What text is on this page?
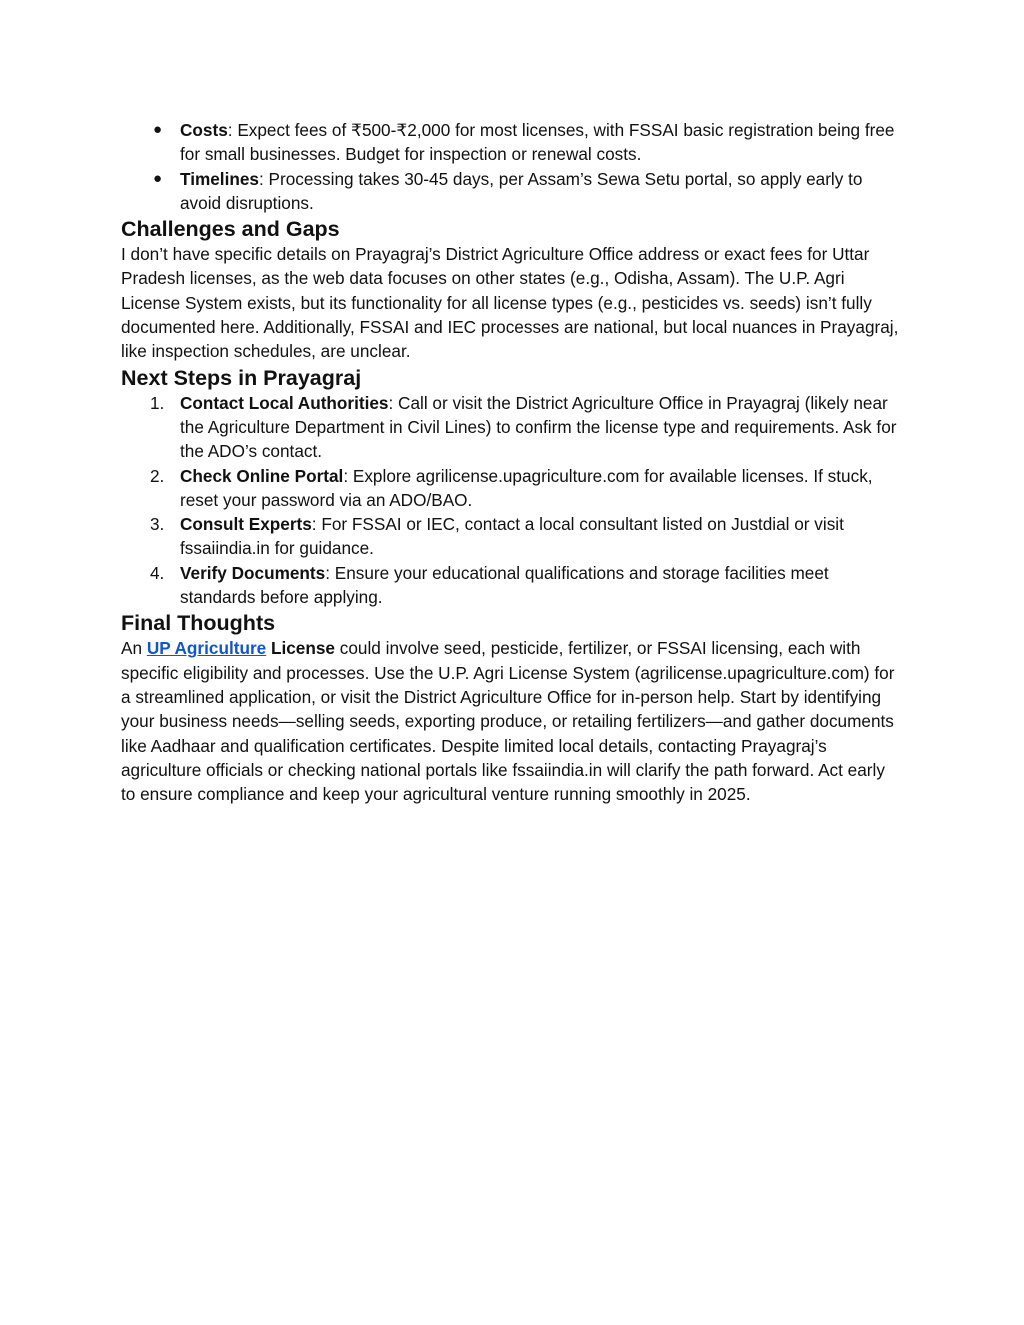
● Costs: Expect fees of ₹500-₹2,000 for most licenses, with FSSAI basic registration being free for small businesses. Budget for inspection or renewal costs.
● Timelines: Processing takes 30-45 days, per Assam’s Sewa Setu portal, so apply early to avoid disruptions.
Challenges and Gaps

I don’t have specific details on Prayagraj’s District Agriculture Office address or exact fees for Uttar Pradesh licenses, as the web data focuses on other states (e.g., Odisha, Assam). The U.P. Agri License System exists, but its functionality for all license types (e.g., pesticides vs. seeds) isn’t fully documented here. Additionally, FSSAI and IEC processes are national, but local nuances in Prayagraj, like inspection schedules, are unclear.

Next Steps in Prayagraj
1. Contact Local Authorities: Call or visit the District Agriculture Office in Prayagraj (likely near the Agriculture Department in Civil Lines) to confirm the license type and requirements. Ask for the ADO’s contact.
2. Check Online Portal: Explore agrilicense.upagriculture.com for available licenses. If stuck, reset your password via an ADO/BAO.
3. Consult Experts: For FSSAI or IEC, contact a local consultant listed on Justdial or visit fssaiindia.in for guidance.
4. Verify Documents: Ensure your educational qualifications and storage facilities meet standards before applying.
Final Thoughts

An UP Agriculture License could involve seed, pesticide, fertilizer, or FSSAI licensing, each with specific eligibility and processes. Use the U.P. Agri License System (agrilicense.upagriculture.com) for a streamlined application, or visit the District Agriculture Office for in-person help. Start by identifying your business needs—selling seeds, exporting produce, or retailing fertilizers—and gather documents like Aadhaar and qualification certificates. Despite limited local details, contacting Prayagraj’s agriculture officials or checking national portals like fssaiindia.in will clarify the path forward. Act early to ensure compliance and keep your agricultural venture running smoothly in 2025.
